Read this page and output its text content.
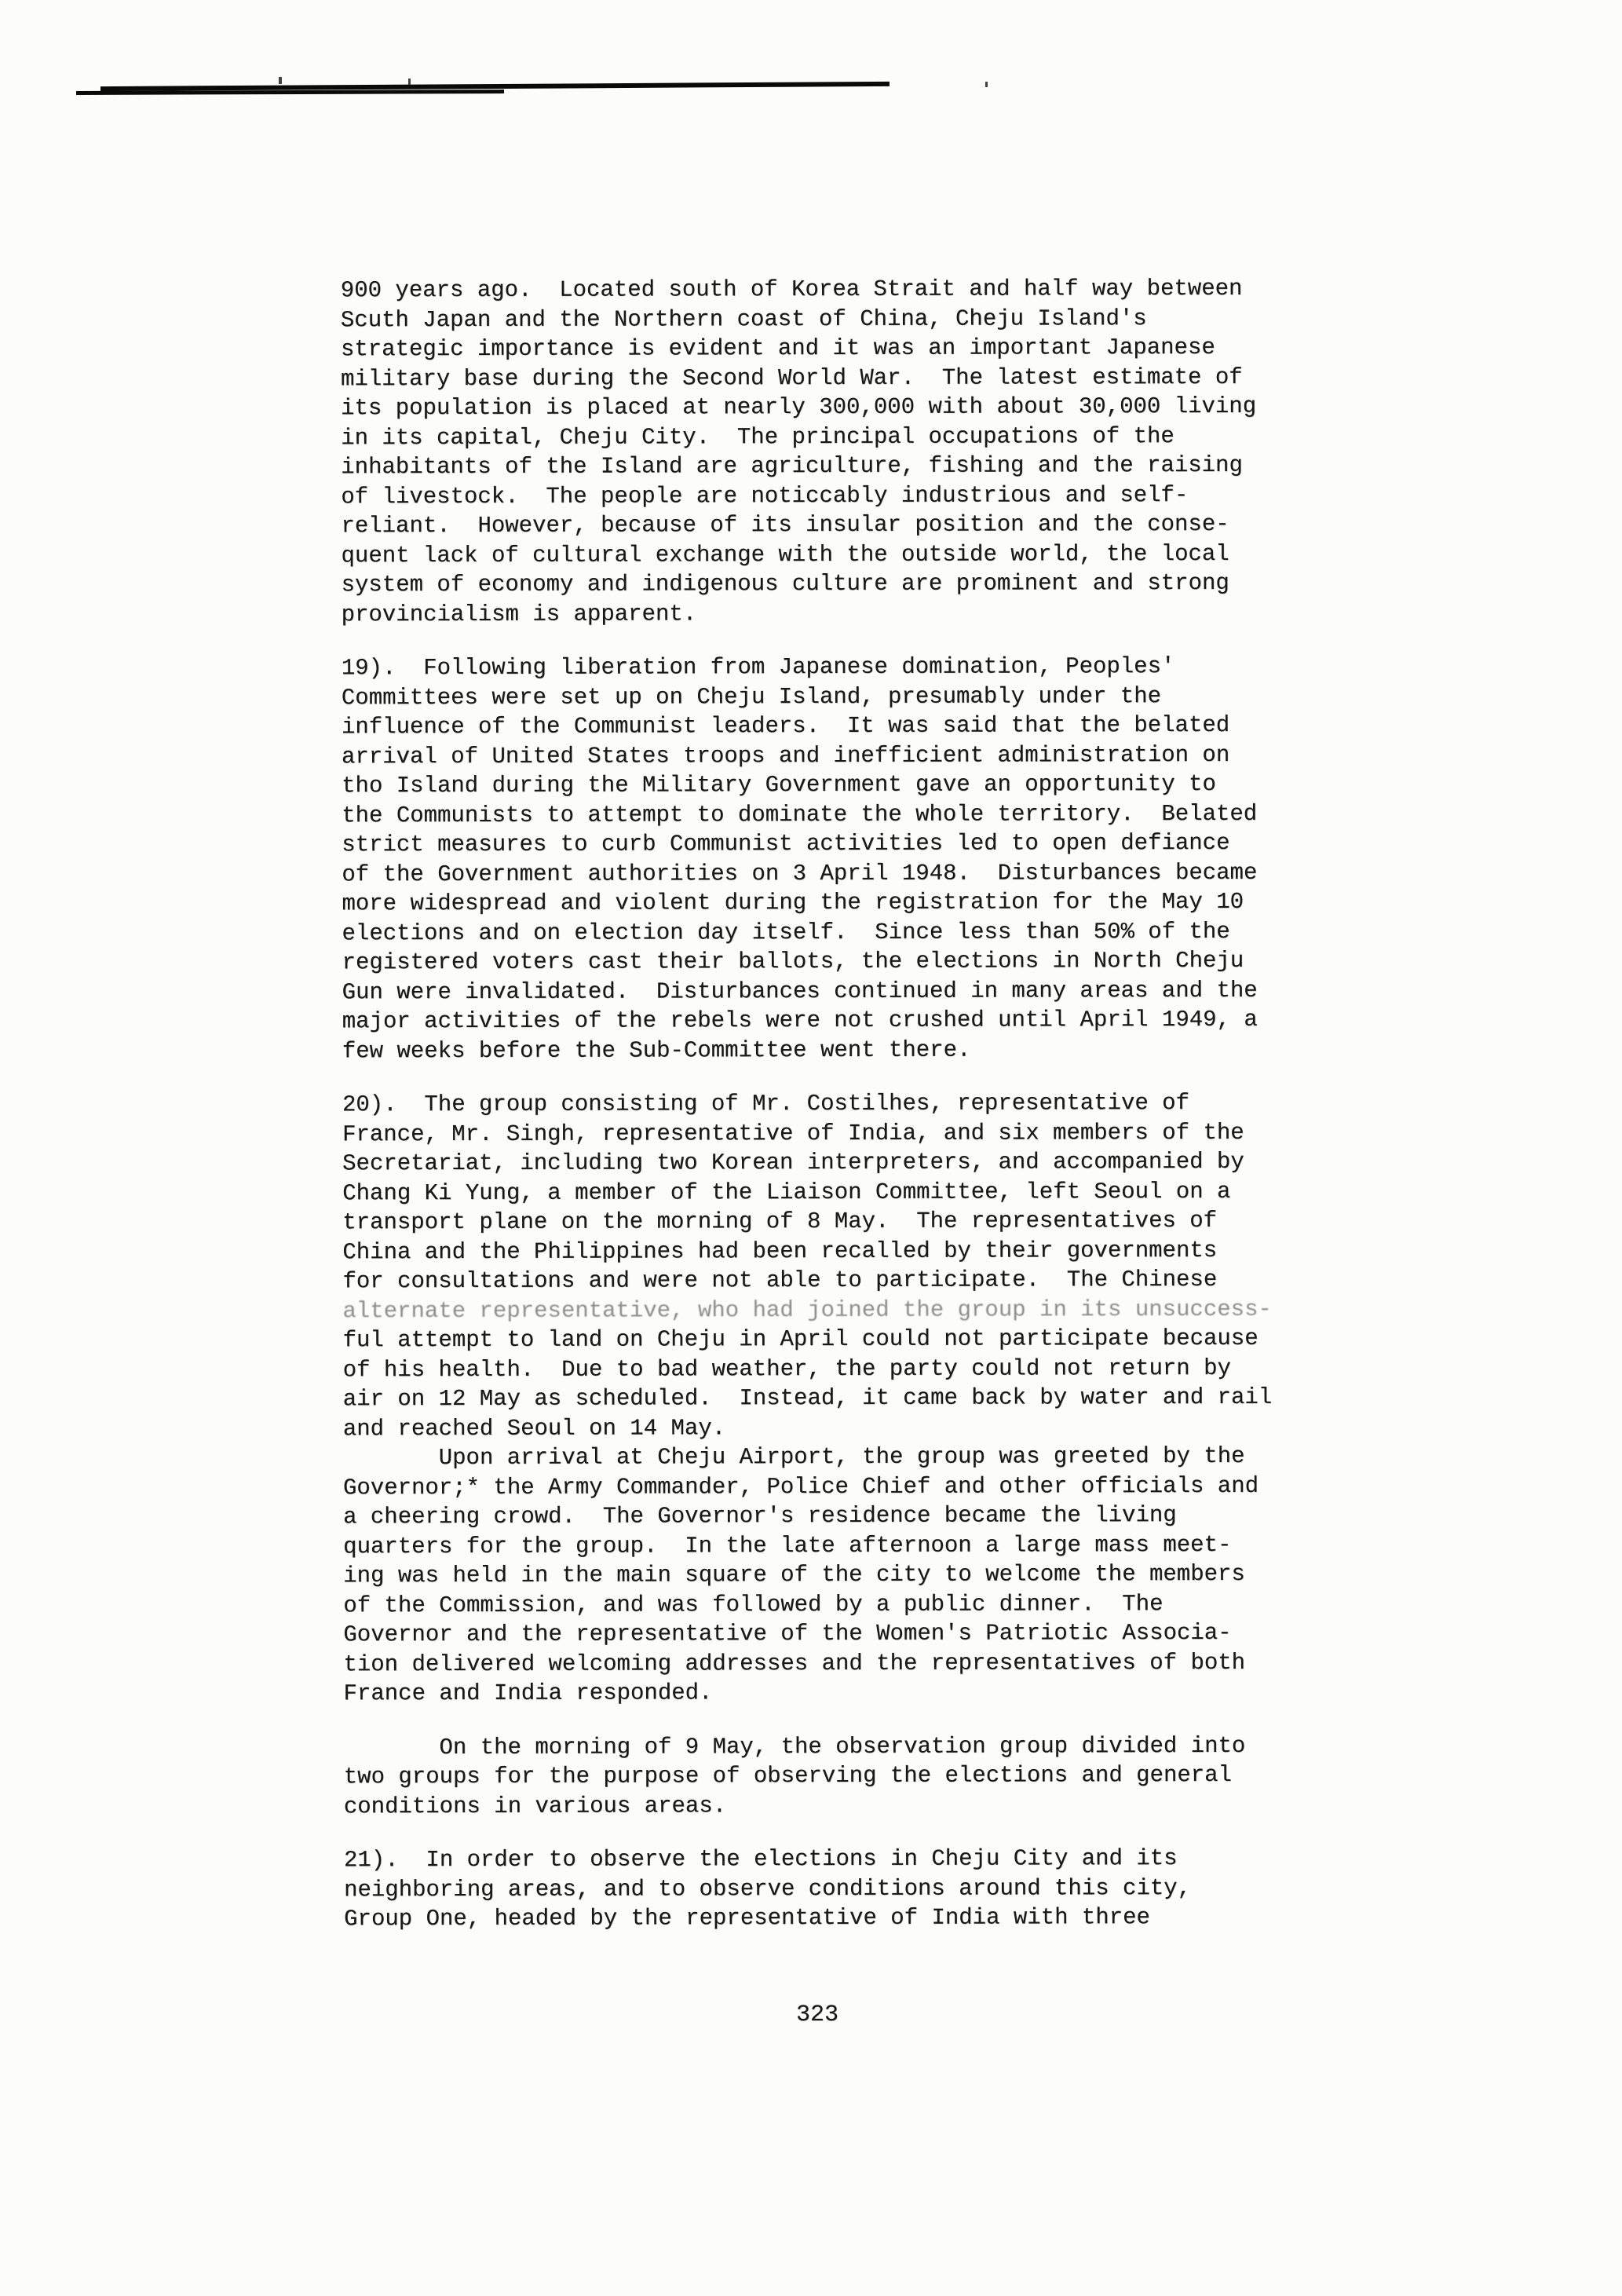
900 years ago.  Located south of Korea Strait and half way between
Scuth Japan and the Northern coast of China, Cheju Island's
strategic importance is evident and it was an important Japanese
military base during the Second World War.  The latest estimate of
its population is placed at nearly 300,000 with about 30,000 living
in its capital, Cheju City.  The principal occupations of the
inhabitants of the Island are agriculture, fishing and the raising
of livestock.  The people are noticcably industrious and self-
reliant.  However, because of its insular position and the conse-
quent lack of cultural exchange with the outside world, the local
system of economy and indigenous culture are prominent and strong
provincialism is apparent.

19).  Following liberation from Japanese domination, Peoples'
Committees were set up on Cheju Island, presumably under the
influence of the Communist leaders.  It was said that the belated
arrival of United States troops and inefficient administration on
tho Island during the Military Government gave an opportunity to
the Communists to attempt to dominate the whole territory.  Belated
strict measures to curb Communist activities led to open defiance
of the Government authorities on 3 April 1948.  Disturbances became
more widespread and violent during the registration for the May 10
elections and on election day itself.  Since less than 50% of the
registered voters cast their ballots, the elections in North Cheju
Gun were invalidated.  Disturbances continued in many areas and the
major activities of the rebels were not crushed until April 1949, a
few weeks before the Sub-Committee went there.

20).  The group consisting of Mr. Costilhes, representative of
France, Mr. Singh, representative of India, and six members of the
Secretariat, including two Korean interpreters, and accompanied by
Chang Ki Yung, a member of the Liaison Committee, left Seoul on a
transport plane on the morning of 8 May.  The representatives of
China and the Philippines had been recalled by their governments
for consultations and were not able to participate.  The Chinese

alternate representative, who had joined the group in its unsuccess-

ful attempt to land on Cheju in April could not participate because
of his health.  Due to bad weather, the party could not return by
air on 12 May as scheduled.  Instead, it came back by water and rail
and reached Seoul on 14 May.
Upon arrival at Cheju Airport, the group was greeted by the
Governor;* the Army Commander, Police Chief and other officials and
a cheering crowd.  The Governor's residence became the living
quarters for the group.  In the late afternoon a large mass meet-
ing was held in the main square of the city to welcome the members
of the Commission, and was followed by a public dinner.  The
Governor and the representative of the Women's Patriotic Associa-
tion delivered welcoming addresses and the representatives of both
France and India responded.

On the morning of 9 May, the observation group divided into
two groups for the purpose of observing the elections and general
conditions in various areas.

21).  In order to observe the elections in Cheju City and its
neighboring areas, and to observe conditions around this city,
Group One, headed by the representative of India with three

323
